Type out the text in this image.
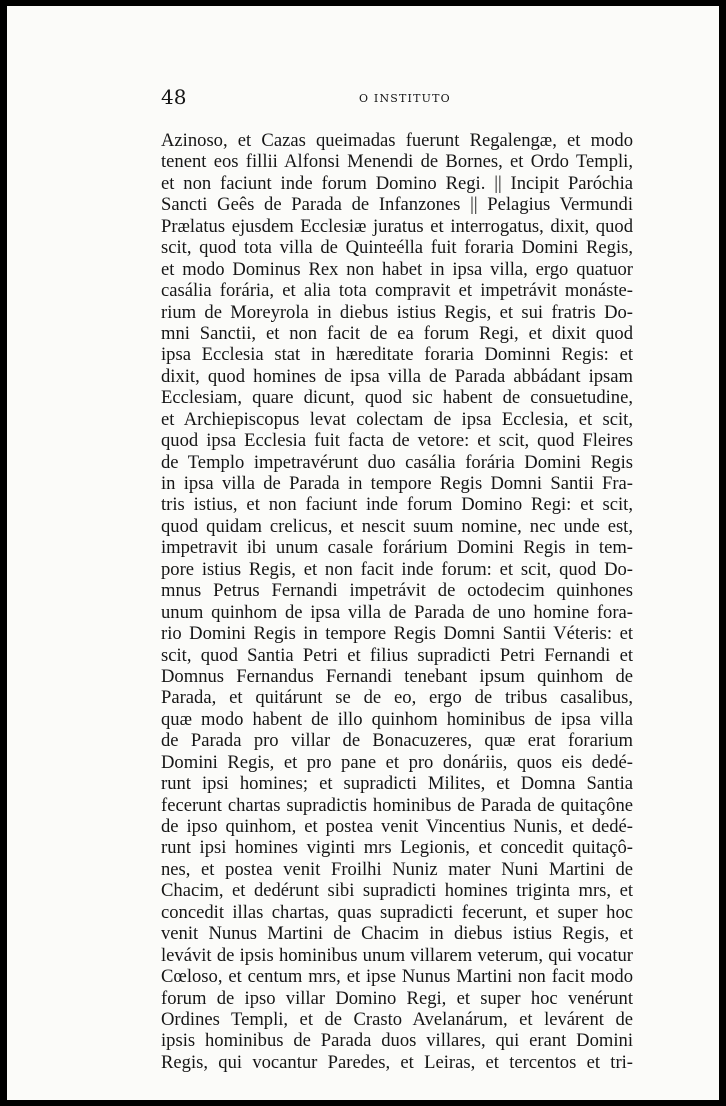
48	O INSTITUTO
Azinoso, et Cazas queimadas fuerunt Regalengæ, et modo
tenent eos fillii Alfonsi Menendi de Bornes, et Ordo Templi,
et non faciunt inde forum Domino Regi. || Incipit Paróchia
Sancti Geês de Parada de Infanzones || Pelagius Vermundi
Prælatus ejusdem Ecclesiæ juratus et interrogatus, dixit, quod
scit, quod tota villa de Quinteélla fuit foraria Domini Regis,
et modo Dominus Rex non habet in ipsa villa, ergo quatuor
casália forária, et alia tota compravit et impetrávit monáste-
rium de Moreyrola in diebus istius Regis, et sui fratris Do-
mni Sanctii, et non facit de ea forum Regi, et dixit quod
ipsa Ecclesia stat in hæreditate foraria Dominni Regis: et
dixit, quod homines de ipsa villa de Parada abbádant ipsam
Ecclesiam, quare dicunt, quod sic habent de consuetudine,
et Archiepiscopus levat colectam de ipsa Ecclesia, et scit,
quod ipsa Ecclesia fuit facta de vetore: et scit, quod Fleires
de Templo impetravérunt duo casália forária Domini Regis
in ipsa villa de Parada in tempore Regis Domni Santii Fra-
tris istius, et non faciunt inde forum Domino Regi: et scit,
quod quidam crelicus, et nescit suum nomine, nec unde est,
impetravit ibi unum casale forárium Domini Regis in tem-
pore istius Regis, et non facit inde forum: et scit, quod Do-
mnus Petrus Fernandi impetrávit de octodecim quinhones
unum quinhom de ipsa villa de Parada de uno homine fora-
rio Domini Regis in tempore Regis Domni Santii Véteris: et
scit, quod Santia Petri et filius supradicti Petri Fernandi et
Domnus Fernandus Fernandi tenebant ipsum quinhom de
Parada, et quitárunt se de eo, ergo de tribus casalibus,
quæ modo habent de illo quinhom hominibus de ipsa villa
de Parada pro villar de Bonacuzeres, quæ erat forarium
Domini Regis, et pro pane et pro donáriis, quos eis dedé-
runt ipsi homines; et supradicti Milites, et Domna Santia
fecerunt chartas supradictis hominibus de Parada de quitaçône
de ipso quinhom, et postea venit Vincentius Nunis, et dedé-
runt ipsi homines viginti mrs Legionis, et concedit quitaçô-
nes, et postea venit Froilhi Nuniz mater Nuni Martini de
Chacim, et dedérunt sibi supradicti homines triginta mrs, et
concedit illas chartas, quas supradicti fecerunt, et super hoc
venit Nunus Martini de Chacim in diebus istius Regis, et
levávit de ipsis hominibus unum villarem veterum, qui vocatur
Cœloso, et centum mrs, et ipse Nunus Martini non facit modo
forum de ipso villar Domino Regi, et super hoc venérunt
Ordines Templi, et de Crasto Avelanárum, et levárent de
ipsis hominibus de Parada duos villares, qui erant Domini
Regis, qui vocantur Paredes, et Leiras, et tercentos et tri-
